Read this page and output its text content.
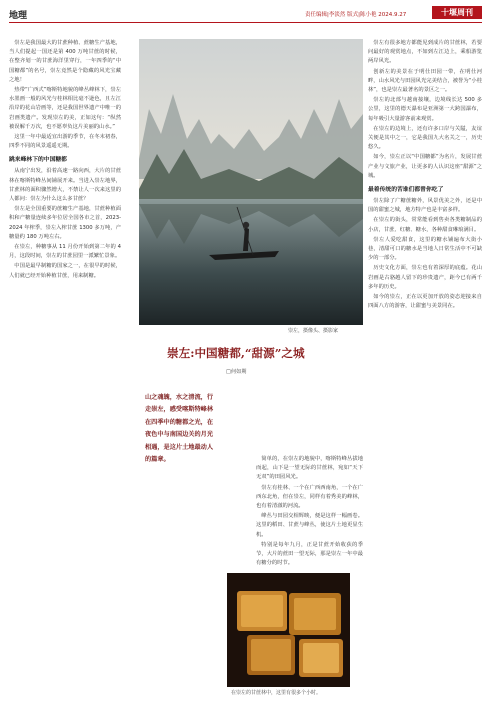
地理	责任编辑|李淡然 版式|陈小艳 2024.9.27	十堰周刊

崇左是我国最大的甘蔗种植、蔗糖生产基地，当人们提起一国还是第 400 万吨甘蔗的时候，在整齐划一的甘蔗海洋里穿行，一年四季的“中国糖都”的名号，崇左竟然是个隐藏的风光宝藏之地！

热带“广西式”喀斯特地貌的峰丛峰林下，崇左水墨画一般的风光与桂林相比毫不逊色，且左江沿岸的花山岩画等，还是我国世界遗产中唯一的岩画类遗产。发现崇左的美，正如这句：“纵然被误解千万次，也不愿辜负这片美丽的山水。”

这里一年中最适宜出游的季节，在冬末初春，四季不同的风景遥遥无期。

跳来峰林下的中国糖都

从南宁出发，沿着高速一路向西，大片的甘蔗林在喀斯特峰丛间铺展开来。当进入崇左地界，甘蔗林的面积骤然增大，不禁让人一次来这里的人都问：崇左为什么这么多甘蔗？

崇左是全国重要的蔗糖生产基地，甘蔗种植面积和产糖量连续多年位居全国各市之首，2023-2024 年榨季，崇左入榨甘蔗 1300 多万吨，产糖量约 180 万吨左右。

在崇左，种糖事从 11 月份开始到第二年的 4 月，这段时间，崇左的甘蔗园里一派繁忙景象。

中国是最早制糖的国家之一，在很早的时候，人们就已经开始种植甘蔗，用来制糖。

崇左，摄像头、摄影家
崇左:中国糖都,“甜源”之城
□何如期
山之魂魄，水之清流，行走崇左，感受喀斯特峰林在四季中的糖都之光，在夜色中与南国边关的月光相遇，是这片土地最动人的篇章。	简单的，在崇左的地貌中，喀斯特峰丛拔地而起，山下是一望无际的甘蔗林，宛如“天下无双”的田园风光。

崇左有桂林、一个在广西西南角，一个在广西东北角，但在崇左，同样有着秀美的峰林，也有着清澈的河流。

峰丛与田园交相辉映，便是这样一幅画卷。这里的稻田、甘蔗与峰丛，使这片土地更显生机。

特别是每年九月，正是甘蔗开始收获的季节，大片的蔗田一望无际，那是崇左一年中最有糖分的时节。

在崇左的甘蔗林中，这里有很多个小时。

崇左有很多地方都能见到成片的甘蔗林，若要问最好的观赏地点，不如到左江边上，乘船游览两岸风光。

创新左的美景在于明仕田园一带，在明仕河畔，山水风光与田园风光完美结合，被誉为“小桂林”，也是崇左最著名的景区之一。

崇左的北部与越南接壤，边境线长达 500 多公里，这里的德天瀑布是亚洲第一大跨国瀑布，每年吸引大量游客前来观赏。

在崇左的边境上，还有许多口岸与关隘，友谊关便是其中之一，它是我国九大名关之一，历史悠久。

如今，崇左正以“中国糖都”为名片，发展甘蔗产业与文旅产业，让更多的人认识这座“甜源”之城。

最着传统的苦谁们都曾你吃了

崇左除了广糖蔗糖外，风景优美之外，还是中国的甜蜜之城，地方特产也是丰富多样。

在崇左的街头，常常能看到售卖各类糖制品的小店，甘蔗、红糖、糖水，各种甜食琳琅满目。

崇左人爱吃甜食，这里的糖水铺遍布大街小巷，清甜可口的糖水是当地人日常生活中不可缺少的一部分。

历史文化方面，崇左也有着深厚的底蕴。花山岩画是古骆越人留下的珍贵遗产，距今已有两千多年的历史。

如今的崇左，正在以更加开放的姿态迎接来自四面八方的游客，让甜蜜与美景同在。
